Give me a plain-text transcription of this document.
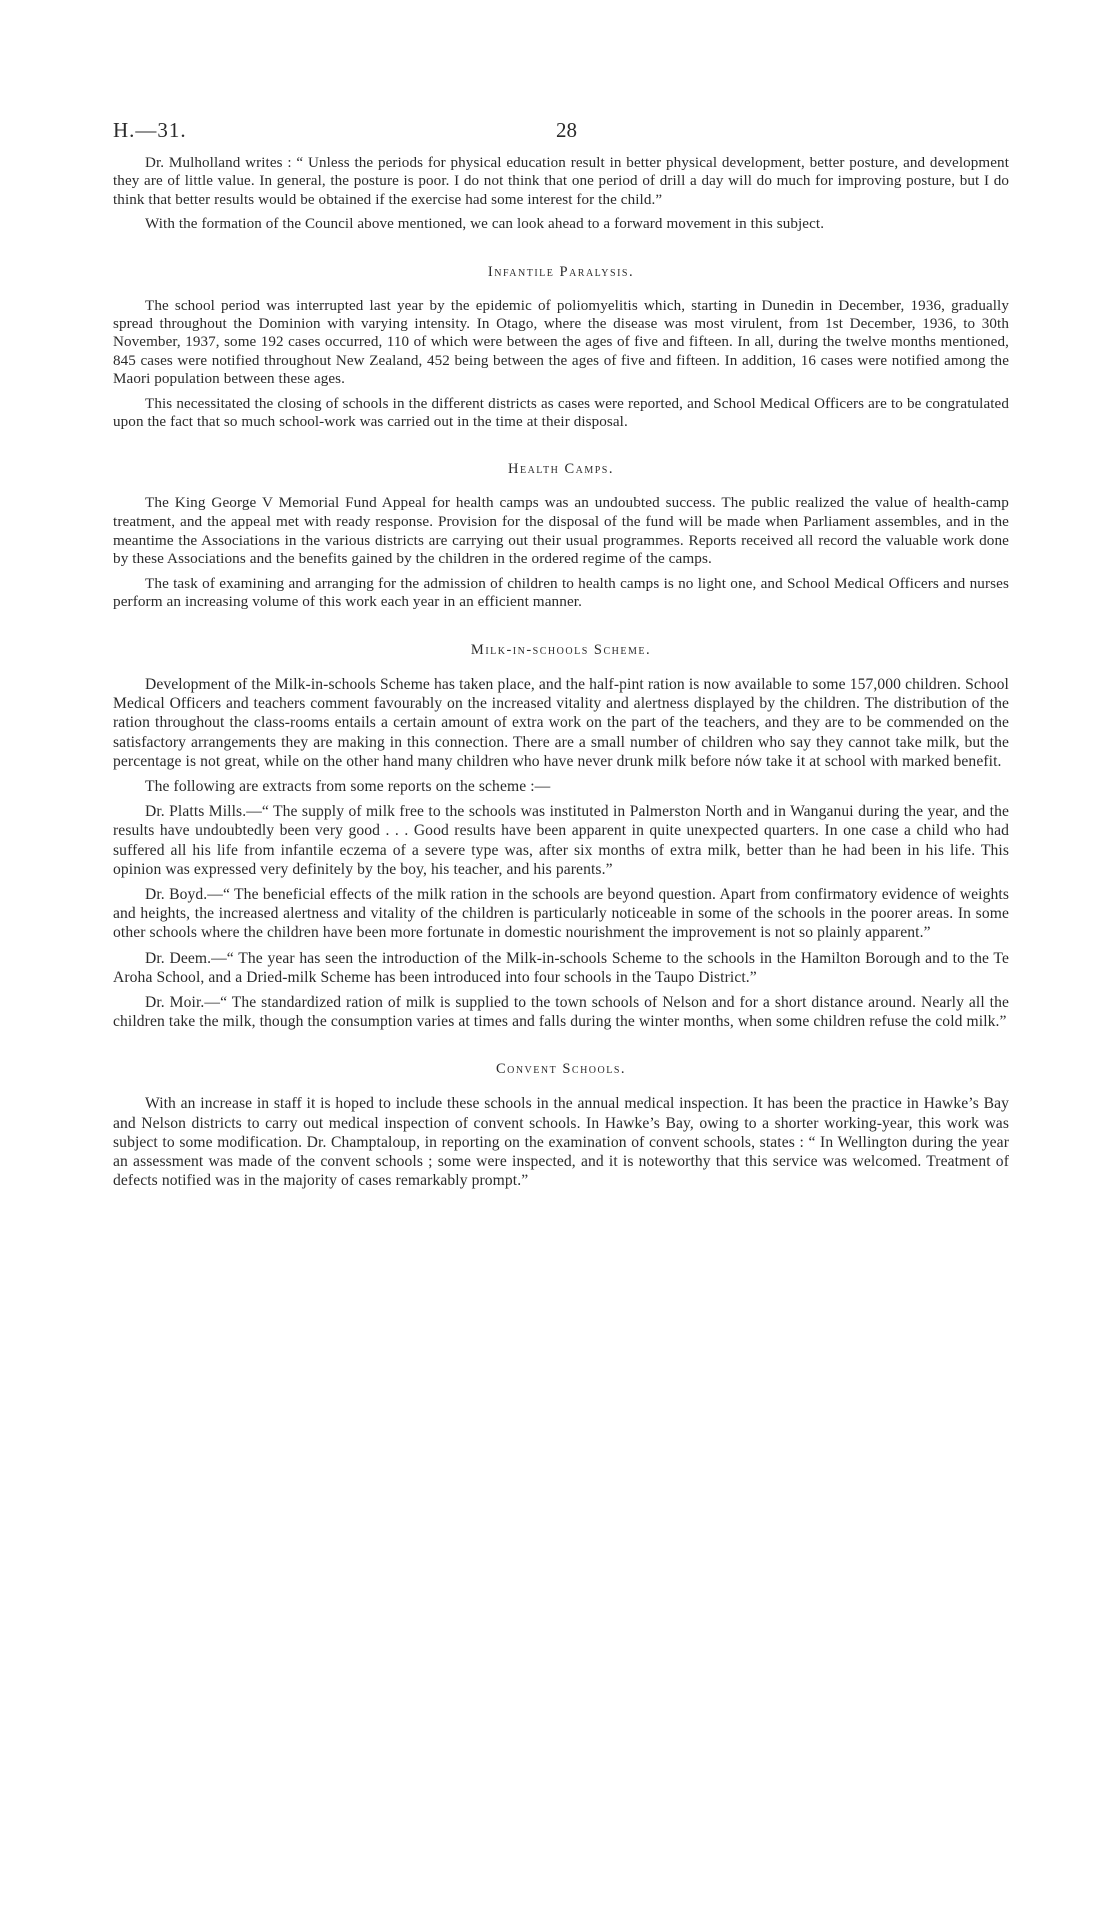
H.—31.	28

Dr. Mulholland writes : “ Unless the periods for physical education result in better physical development, better posture, and development they are of little value. In general, the posture is poor. I do not think that one period of drill a day will do much for improving posture, but I do think that better results would be obtained if the exercise had some interest for the child.”

With the formation of the Council above mentioned, we can look ahead to a forward movement in this subject.

Infantile Paralysis.

The school period was interrupted last year by the epidemic of poliomyelitis which, starting in Dunedin in December, 1936, gradually spread throughout the Dominion with varying intensity. In Otago, where the disease was most virulent, from 1st December, 1936, to 30th November, 1937, some 192 cases occurred, 110 of which were between the ages of five and fifteen. In all, during the twelve months mentioned, 845 cases were notified throughout New Zealand, 452 being between the ages of five and fifteen. In addition, 16 cases were notified among the Maori population between these ages.

This necessitated the closing of schools in the different districts as cases were reported, and School Medical Officers are to be congratulated upon the fact that so much school-work was carried out in the time at their disposal.

Health Camps.

The King George V Memorial Fund Appeal for health camps was an undoubted success. The public realized the value of health-camp treatment, and the appeal met with ready response. Provision for the disposal of the fund will be made when Parliament assembles, and in the meantime the Associations in the various districts are carrying out their usual programmes. Reports received all record the valuable work done by these Associations and the benefits gained by the children in the ordered regime of the camps.

The task of examining and arranging for the admission of children to health camps is no light one, and School Medical Officers and nurses perform an increasing volume of this work each year in an efficient manner.

Milk-in-schools Scheme.

Development of the Milk-in-schools Scheme has taken place, and the half-pint ration is now available to some 157,000 children. School Medical Officers and teachers comment favourably on the increased vitality and alertness displayed by the children. The distribution of the ration throughout the class-rooms entails a certain amount of extra work on the part of the teachers, and they are to be commended on the satisfactory arrangements they are making in this connection. There are a small number of children who say they cannot take milk, but the percentage is not great, while on the other hand many children who have never drunk milk before nów take it at school with marked benefit.

The following are extracts from some reports on the scheme :—

Dr. Platts Mills.—“ The supply of milk free to the schools was instituted in Palmerston North and in Wanganui during the year, and the results have undoubtedly been very good . . . Good results have been apparent in quite unexpected quarters. In one case a child who had suffered all his life from infantile eczema of a severe type was, after six months of extra milk, better than he had been in his life. This opinion was expressed very definitely by the boy, his teacher, and his parents.”

Dr. Boyd.—“ The beneficial effects of the milk ration in the schools are beyond question. Apart from confirmatory evidence of weights and heights, the increased alertness and vitality of the children is particularly noticeable in some of the schools in the poorer areas. In some other schools where the children have been more fortunate in domestic nourishment the improvement is not so plainly apparent.”

Dr. Deem.—“ The year has seen the introduction of the Milk-in-schools Scheme to the schools in the Hamilton Borough and to the Te Aroha School, and a Dried-milk Scheme has been introduced into four schools in the Taupo District.”

Dr. Moir.—“ The standardized ration of milk is supplied to the town schools of Nelson and for a short distance around. Nearly all the children take the milk, though the consumption varies at times and falls during the winter months, when some children refuse the cold milk.”

Convent Schools.

With an increase in staff it is hoped to include these schools in the annual medical inspection. It has been the practice in Hawke’s Bay and Nelson districts to carry out medical inspection of convent schools. In Hawke’s Bay, owing to a shorter working-year, this work was subject to some modification. Dr. Champtaloup, in reporting on the examination of convent schools, states : “ In Wellington during the year an assessment was made of the convent schools ; some were inspected, and it is noteworthy that this service was welcomed. Treatment of defects notified was in the majority of cases remarkably prompt.”
